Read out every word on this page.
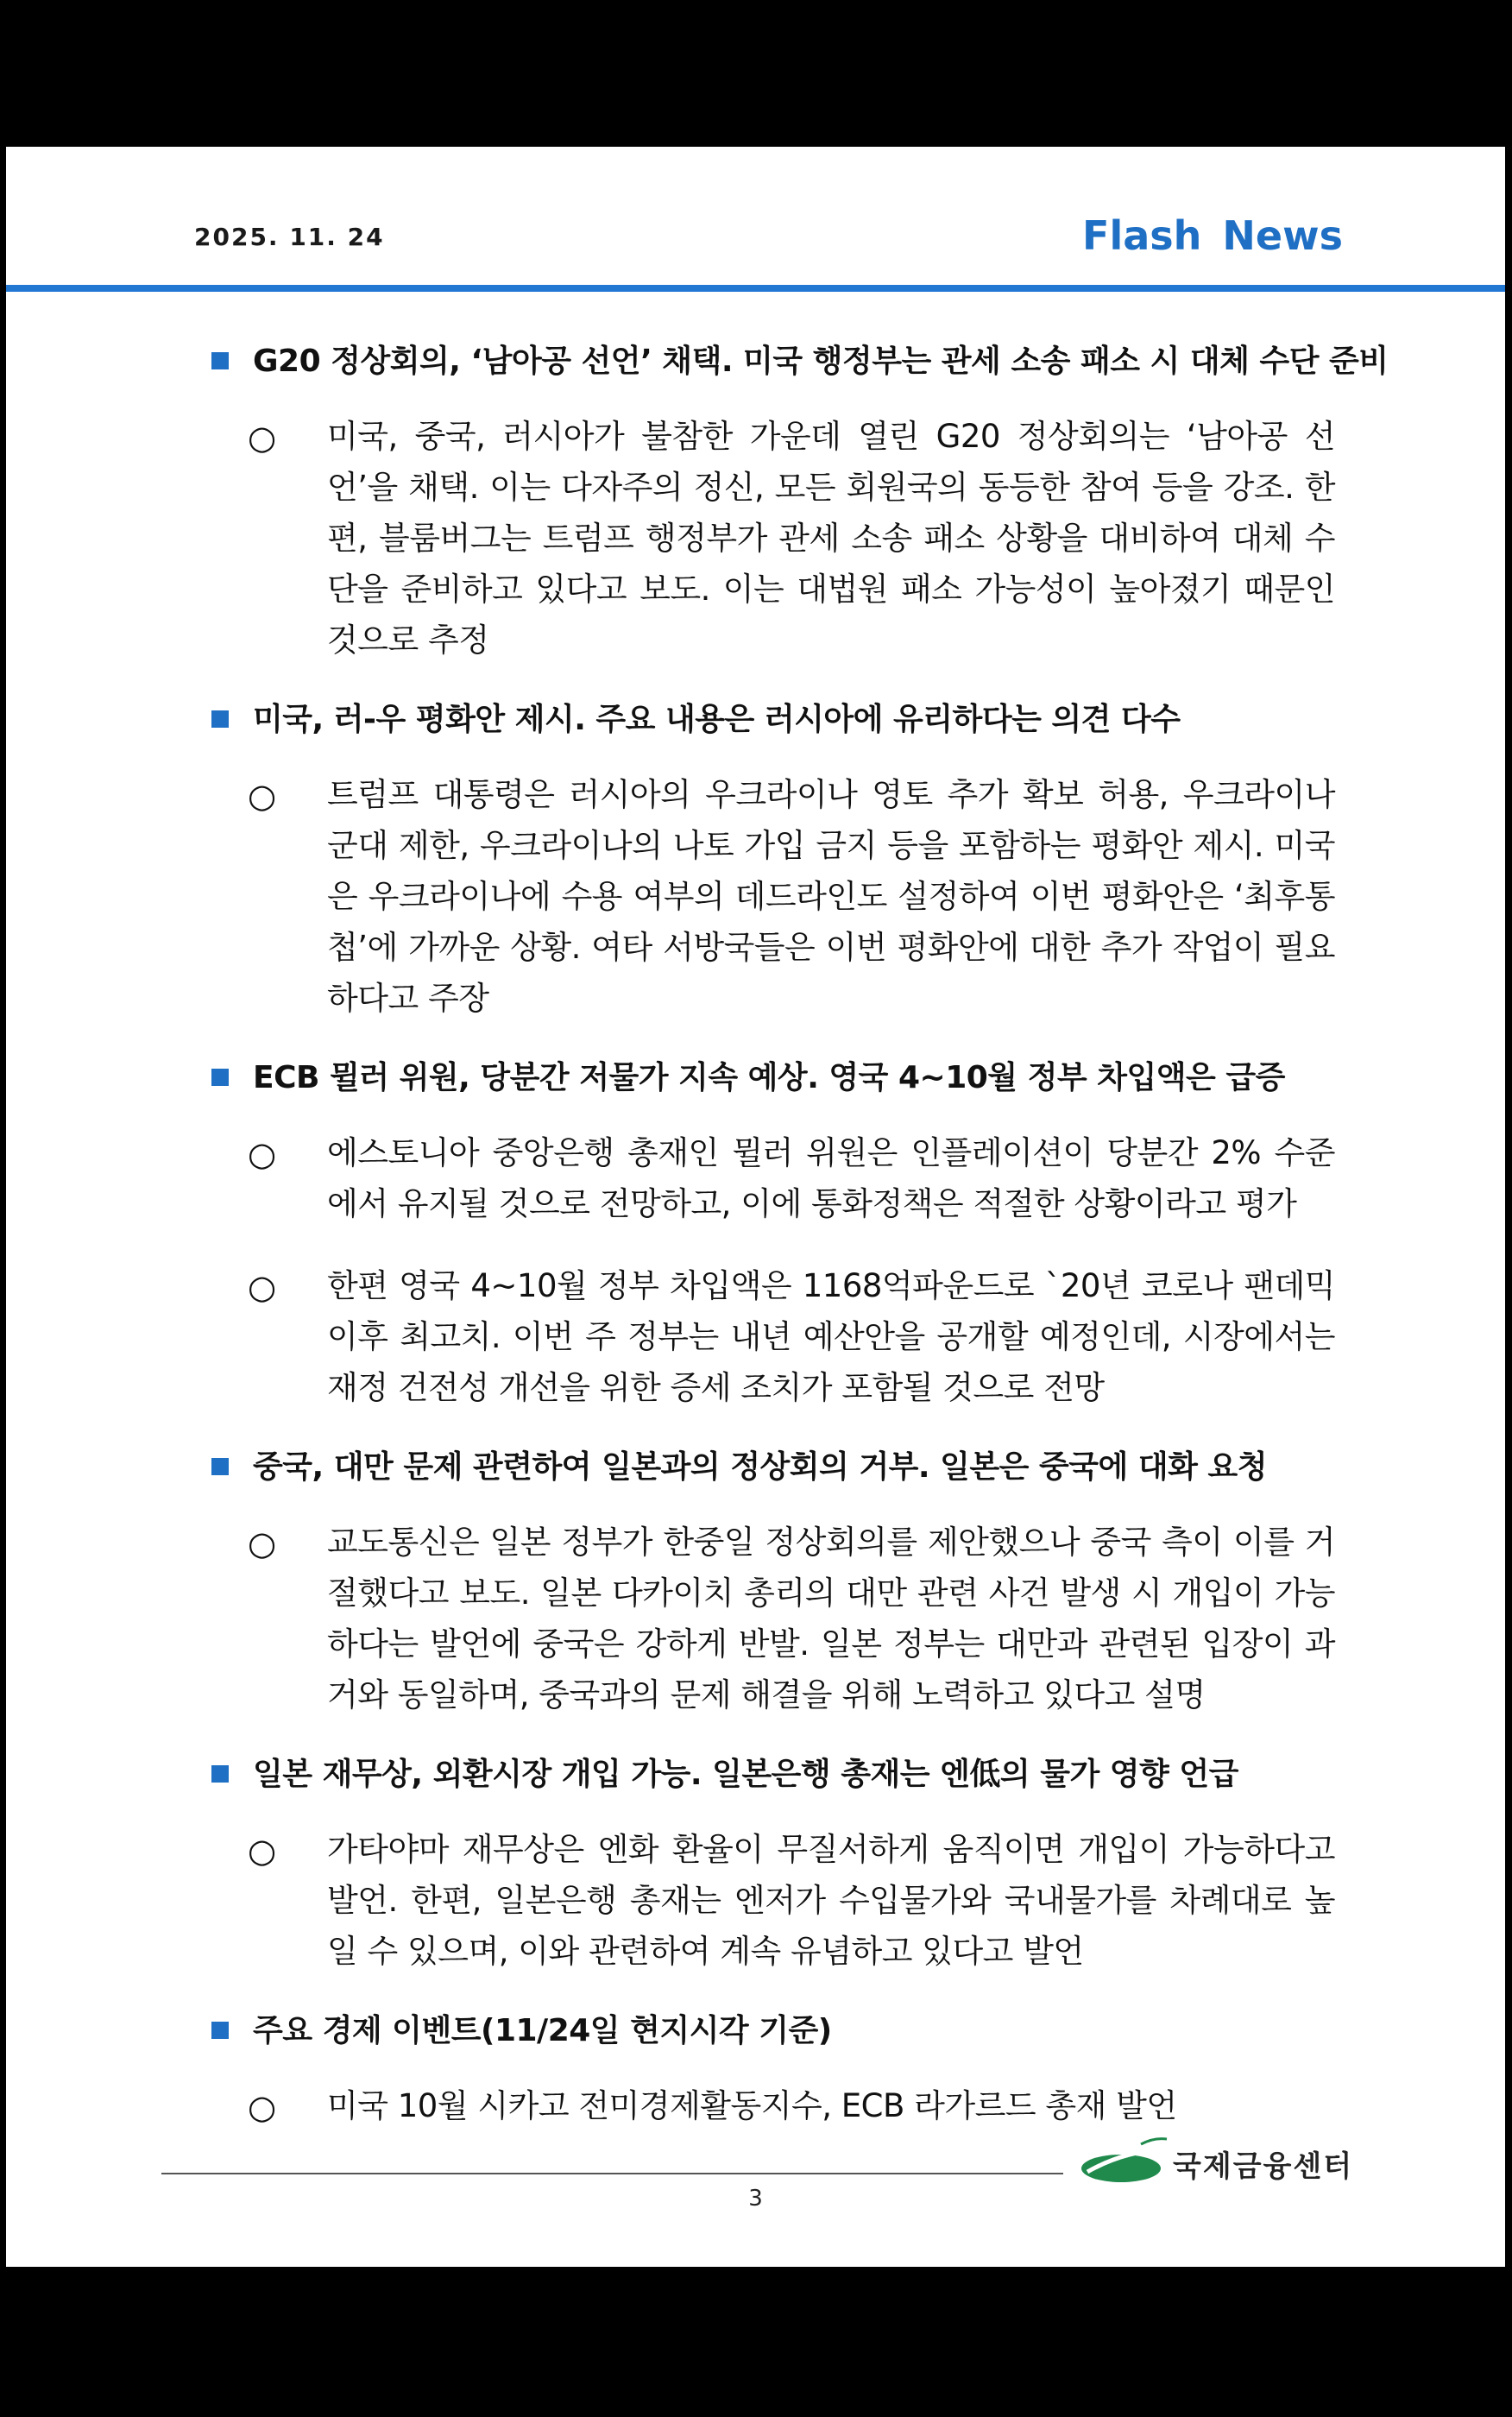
2025. 11. 24	Flash News
G20 정상회의, ‘남아공 선언’ 채택. 미국 행정부는 관세 소송 패소 시 대체 수단 준비
○ 미국, 중국, 러시아가 불참한 가운데 열린 G20 정상회의는 ‘남아공 선언’을 채택. 이는 다자주의 정신, 모든 회원국의 동등한 참여 등을 강조. 한편, 블룸버그는 트럼프 행정부가 관세 소송 패소 상황을 대비하여 대체 수단을 준비하고 있다고 보도. 이는 대법원 패소 가능성이 높아졌기 때문인 것으로 추정
미국, 러-우 평화안 제시. 주요 내용은 러시아에 유리하다는 의견 다수
○ 트럼프 대통령은 러시아의 우크라이나 영토 추가 확보 허용, 우크라이나 군대 제한, 우크라이나의 나토 가입 금지 등을 포함하는 평화안 제시. 미국은 우크라이나에 수용 여부의 데드라인도 설정하여 이번 평화안은 ‘최후통첩’에 가까운 상황. 여타 서방국들은 이번 평화안에 대한 추가 작업이 필요하다고 주장
ECB 뮐러 위원, 당분간 저물가 지속 예상. 영국 4~10월 정부 차입액은 급증
○ 에스토니아 중앙은행 총재인 뮐러 위원은 인플레이션이 당분간 2% 수준에서 유지될 것으로 전망하고, 이에 통화정책은 적절한 상황이라고 평가
○ 한편 영국 4~10월 정부 차입액은 1168억파운드로 `20년 코로나 팬데믹 이후 최고치. 이번 주 정부는 내년 예산안을 공개할 예정인데, 시장에서는 재정 건전성 개선을 위한 증세 조치가 포함될 것으로 전망
중국, 대만 문제 관련하여 일본과의 정상회의 거부. 일본은 중국에 대화 요청
○ 교도통신은 일본 정부가 한중일 정상회의를 제안했으나 중국 측이 이를 거절했다고 보도. 일본 다카이치 총리의 대만 관련 사건 발생 시 개입이 가능하다는 발언에 중국은 강하게 반발. 일본 정부는 대만과 관련된 입장이 과거와 동일하며, 중국과의 문제 해결을 위해 노력하고 있다고 설명
일본 재무상, 외환시장 개입 가능. 일본은행 총재는 엔低의 물가 영향 언급
○ 가타야마 재무상은 엔화 환율이 무질서하게 움직이면 개입이 가능하다고 발언. 한편, 일본은행 총재는 엔저가 수입물가와 국내물가를 차례대로 높일 수 있으며, 이와 관련하여 계속 유념하고 있다고 발언
주요 경제 이벤트(11/24일 현지시각 기준)
○ 미국 10월 시카고 전미경제활동지수, ECB 라가르드 총재 발언
국제금융센터
3
